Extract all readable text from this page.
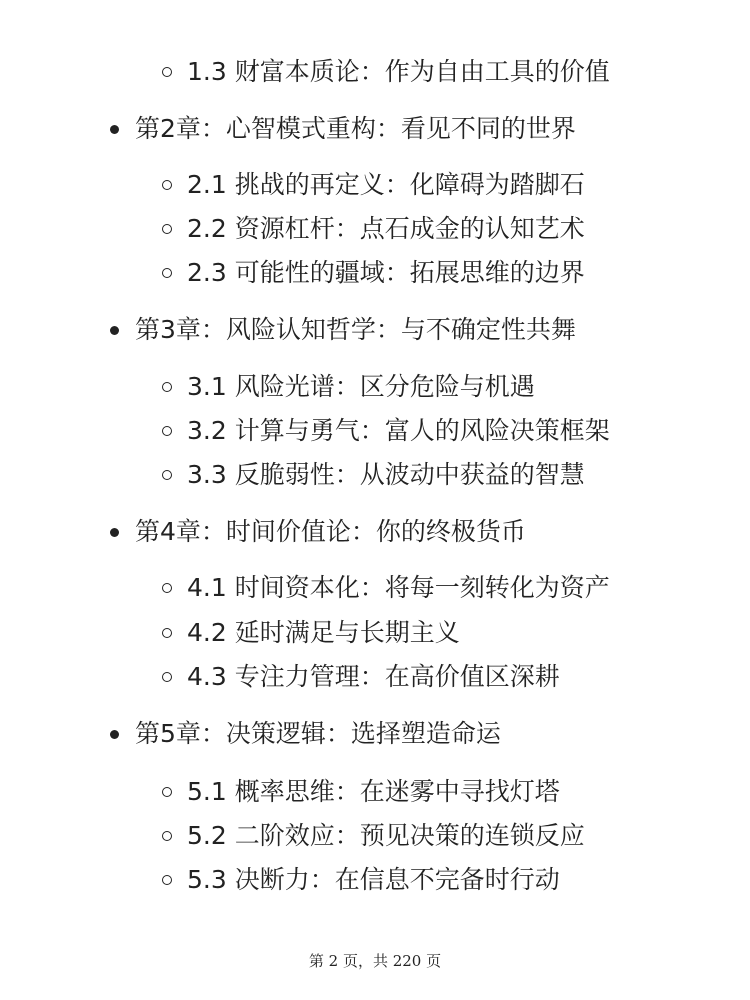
1.3 财富本质论：作为自由工具的价值
第2章：心智模式重构：看见不同的世界
2.1 挑战的再定义：化障碍为踏脚石
2.2 资源杠杆：点石成金的认知艺术
2.3 可能性的疆域：拓展思维的边界
第3章：风险认知哲学：与不确定性共舞
3.1 风险光谱：区分危险与机遇
3.2 计算与勇气：富人的风险决策框架
3.3 反脆弱性：从波动中获益的智慧
第4章：时间价值论：你的终极货币
4.1 时间资本化：将每一刻转化为资产
4.2 延时满足与长期主义
4.3 专注力管理：在高价值区深耕
第5章：决策逻辑：选择塑造命运
5.1 概率思维：在迷雾中寻找灯塔
5.2 二阶效应：预见决策的连锁反应
5.3 决断力：在信息不完备时行动
第 2 页，共 220 页
